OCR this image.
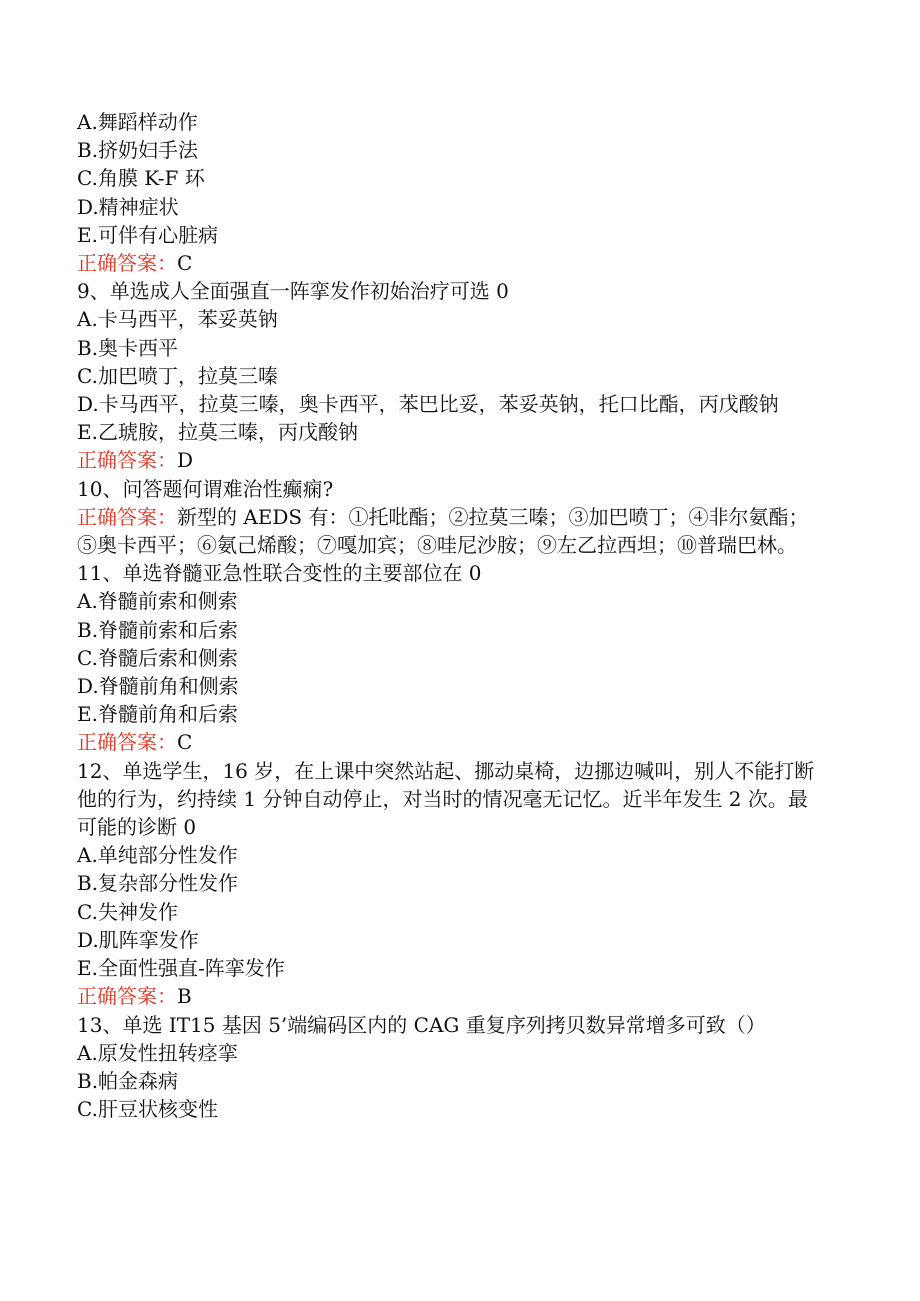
A.舞蹈样动作
B.挤奶妇手法
C.角膜 K-F 环
D.精神症状
E.可伴有心脏病
正确答案：C
9、单选成人全面强直一阵挛发作初始治疗可选 0
A.卡马西平，苯妥英钠
B.奥卡西平
C.加巴喷丁，拉莫三嗪
D.卡马西平，拉莫三嗪，奥卡西平，苯巴比妥，苯妥英钠，托口比酯，丙戊酸钠
E.乙琥胺，拉莫三嗪，丙戊酸钠
正确答案：D
10、问答题何谓难治性癫痫?
正确答案：新型的 AEDS 有：①托吡酯；②拉莫三嗪；③加巴喷丁；④非尔氨酯；⑤奥卡西平；⑥氨己烯酸；⑦嘎加宾；⑧哇尼沙胺；⑨左乙拉西坦；⑩普瑞巴林。
11、单选脊髓亚急性联合变性的主要部位在 0
A.脊髓前索和侧索
B.脊髓前索和后索
C.脊髓后索和侧索
D.脊髓前角和侧索
E.脊髓前角和后索
正确答案：C
12、单选学生，16 岁，在上课中突然站起、挪动桌椅，边挪边喊叫，别人不能打断他的行为，约持续 1 分钟自动停止，对当时的情况毫无记忆。近半年发生 2 次。最可能的诊断 0
A.单纯部分性发作
B.复杂部分性发作
C.失神发作
D.肌阵挛发作
E.全面性强直-阵挛发作
正确答案：B
13、单选 IT15 基因 5’端编码区内的 CAG 重复序列拷贝数异常增多可致（）
A.原发性扭转痉挛
B.帕金森病
C.肝豆状核变性
